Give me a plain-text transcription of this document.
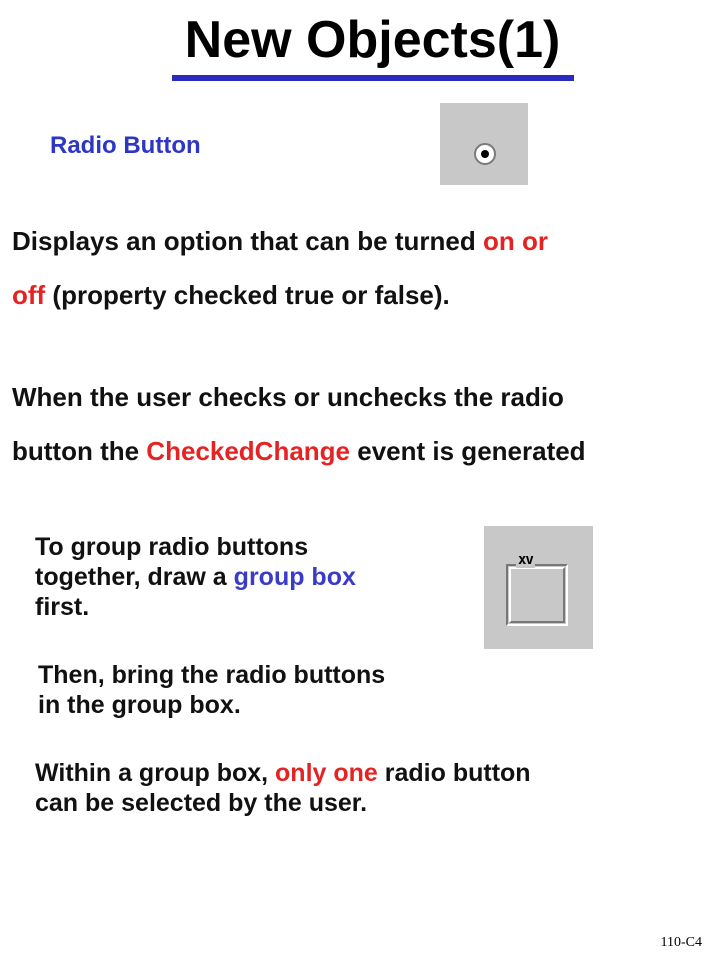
New Objects(1)
Radio Button
Displays an option that can be turned on or
off (property checked true or false).
When the user checks or unchecks the radio
button the CheckedChange event is generated
To group radio buttons
together, draw a group box
first.
xv
Then, bring the radio buttons
in the group box.
Within a group box, only one radio button
can be selected by the user.
110-C4
